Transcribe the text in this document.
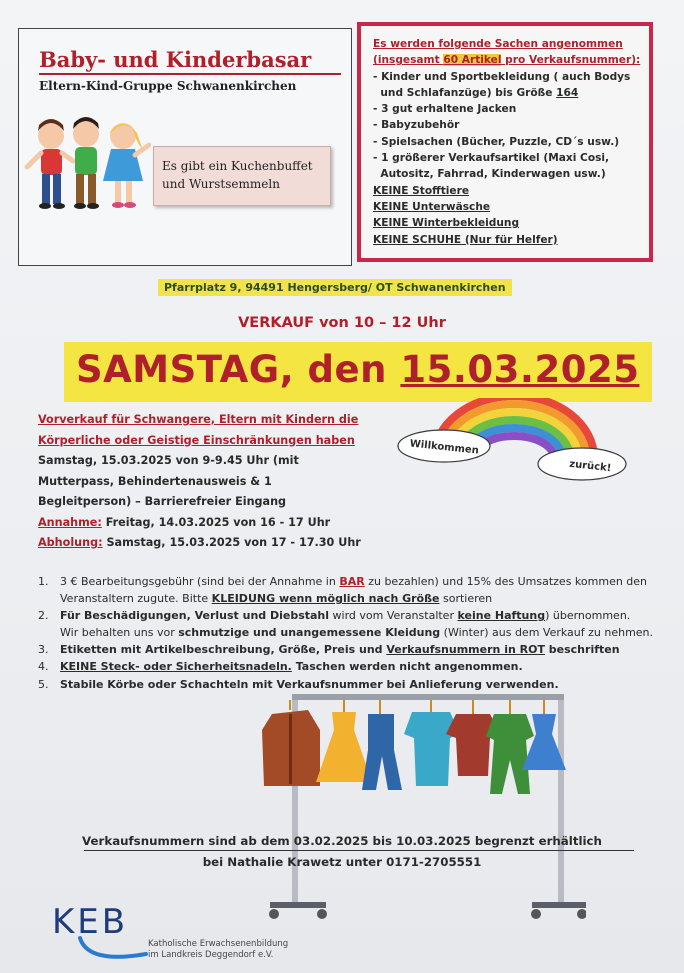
Baby- und Kinderbasar
Eltern-Kind-Gruppe Schwanenkirchen
Es gibt ein Kuchenbuffet
und Wurstsemmeln
Es werden folgende Sachen angenommen
(insgesamt 60 Artikel pro Verkaufsnummer):
- Kinder und Sportbekleidung ( auch Bodys
und Schlafanzüge) bis Größe 164
- 3 gut erhaltene Jacken
- Babyzubehör
- Spielsachen (Bücher, Puzzle, CD´s usw.)
- 1 größerer Verkaufsartikel (Maxi Cosi,
Autositz, Fahrrad, Kinderwagen usw.)
KEINE Stofftiere
KEINE Unterwäsche
KEINE Winterbekleidung
KEINE SCHUHE (Nur für Helfer)
Pfarrplatz 9, 94491 Hengersberg/ OT Schwanenkirchen
VERKAUF von 10 – 12 Uhr
SAMSTAG, den 15.03.2025
Vorverkauf für Schwangere, Eltern mit Kindern die
Körperliche oder Geistige Einschränkungen haben
Samstag, 15.03.2025 von 9-9.45 Uhr (mit
Mutterpass, Behindertenausweis & 1
Begleitperson) – Barrierefreier Eingang
Annahme: Freitag, 14.03.2025 von 16 - 17 Uhr
Abholung: Samstag, 15.03.2025 von 17 - 17.30 Uhr
Willkommen
zurück!
1. 3 € Bearbeitungsgebühr (sind bei der Annahme in BAR zu bezahlen) und 15% des Umsatzes kommen den
Veranstaltern zugute. Bitte KLEIDUNG wenn möglich nach Größe sortieren
2. Für Beschädigungen, Verlust und Diebstahl wird vom Veranstalter keine Haftung) übernommen.
Wir behalten uns vor schmutzige und unangemessene Kleidung (Winter) aus dem Verkauf zu nehmen.
3. Etiketten mit Artikelbeschreibung, Größe, Preis und Verkaufsnummern in ROT beschriften
4. KEINE Steck- oder Sicherheitsnadeln. Taschen werden nicht angenommen.
5. Stabile Körbe oder Schachteln mit Verkaufsnummer bei Anlieferung verwenden.
Verkaufsnummern sind ab dem 03.02.2025 bis 10.03.2025 begrenzt erhältlich
bei Nathalie Krawetz unter 0171-2705551
KEB
Katholische Erwachsenenbildung
im Landkreis Deggendorf e.V.
